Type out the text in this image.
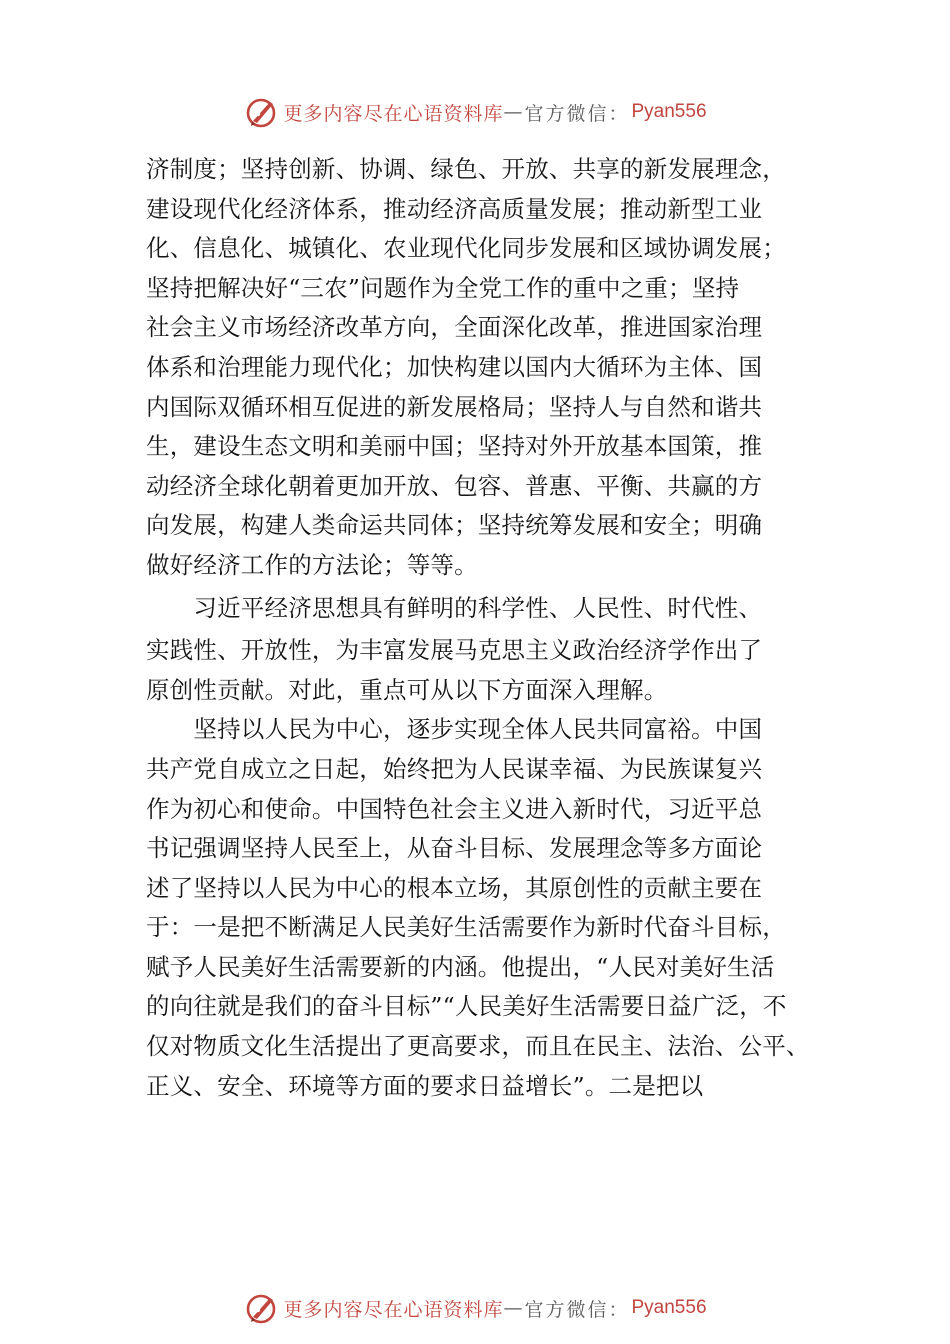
更多内容尽在心语资料库 — 官方微信： Pyan556
济制度；坚持创新、协调、绿色、开放、共享的新发展理念，
建设现代化经济体系，推动经济高质量发展；推动新型工业
化、信息化、城镇化、农业现代化同步发展和区域协调发展；
坚持把解决好“三农”问题作为全党工作的重中之重；坚持
社会主义市场经济改革方向，全面深化改革，推进国家治理
体系和治理能力现代化；加快构建以国内大循环为主体、国
内国际双循环相互促进的新发展格局；坚持人与自然和谐共
生，建设生态文明和美丽中国；坚持对外开放基本国策，推
动经济全球化朝着更加开放、包容、普惠、平衡、共赢的方
向发展，构建人类命运共同体；坚持统筹发展和安全；明确
做好经济工作的方法论；等等。
　　习近平经济思想具有鲜明的科学性、人民性、时代性、
实践性、开放性，为丰富发展马克思主义政治经济学作出了
原创性贡献。对此，重点可从以下方面深入理解。
　　坚持以人民为中心，逐步实现全体人民共同富裕。中国
共产党自成立之日起，始终把为人民谋幸福、为民族谋复兴
作为初心和使命。中国特色社会主义进入新时代，习近平总
书记强调坚持人民至上，从奋斗目标、发展理念等多方面论
述了坚持以人民为中心的根本立场，其原创性的贡献主要在
于：一是把不断满足人民美好生活需要作为新时代奋斗目标，
赋予人民美好生活需要新的内涵。他提出，“人民对美好生活
的向往就是我们的奋斗目标”“人民美好生活需要日益广泛，不
仅对物质文化生活提出了更高要求，而且在民主、法治、公平、
正义、安全、环境等方面的要求日益增长”。二是把以
更多内容尽在心语资料库 — 官方微信： Pyan556
